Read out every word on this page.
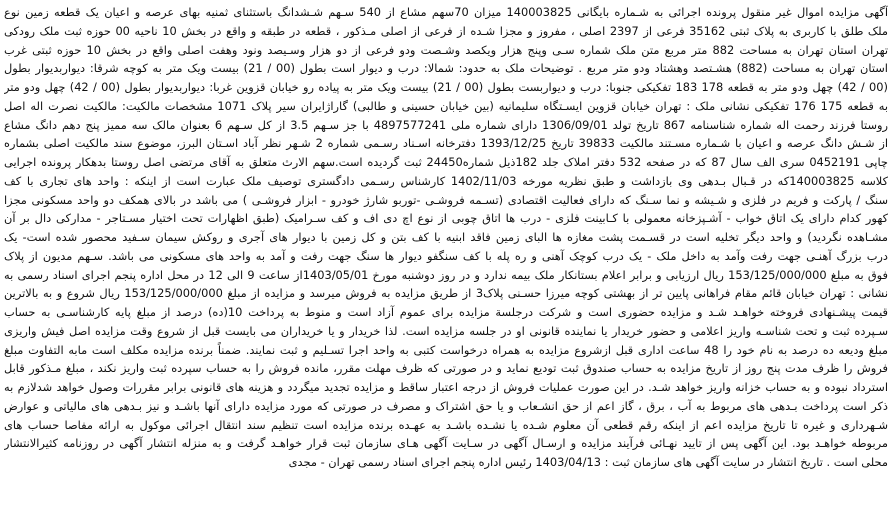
آگهی مزایده اموال غیر منقول پرونده اجرائی به شـماره بایگانی 140003825 میزان 70سهم مشاع از 540 سـهم شـشدانگ باستثنای ثمنیه بهای عرصه و اعیان یک قطعه زمین نوع
ملک طلق با کاربری به پلاک ثبتی 35162 فرعی از 2397 اصلی ، مفروز و مجزا شـده از فرعی از اصلی مـذکور ، قطعه در طبقه و واقع در بخش 10 ناحیه 00 حوزه ثبت ملک رودکی
تهران استان تهران به مساحت 882 متر مربع متن ملک شماره سـی وپنج هزار ویکصد وشـصت ودو فرعی از دو هزار وسـیصد ونود وهفت اصلی واقع در بخش 10 حوزه ثبتی غرب
استان تهران به مساحت (882) هشـتصد وهشتاد ودو متر مربع . توضیحات ملک به حدود: شمالا: درب و دیوار است بطول (00 / 21) بیست ویک متر به کوچه شرقا: دیواربدیوار بطول
(00 / 42) چهل ودو متر به قطعه 178 183 تفکیکی جنوبا: درب و دیواربست بطول (00 / 21) بیست ویک متر به پیاده رو خیابان قزوین غربا: دیواربدیوار بطول (00 / 42) چهل ودو متر
به قطعه 175 176 تفکیکی نشانی ملک : تهران خیابان قزوین ایسـتگاه سلیمانیه (بین خیابان حسینی و طالبی) گاراژایران سیر پلاک 1071 مشخصات مالکیت: مالکیت نصرت اله اصل
روستا فرزند رحمت اله شماره شناسنامه 867 تاریخ تولد 1306/09/01 دارای شماره ملی 4897577241 با جز سـهم 3.5 از کل سـهم 6 بعنوان مالک سه ممیز پنج دهم دانگ مشاع
از شـش دانگ عرصه و اعیان با شـماره مسـتند مالکیت 39833 تاریخ 1393/12/25 دفترخانه اسـناد رسـمی شماره 2 شـهر نظر آباد اسـتان البرز، موضوع سند مالکیت اصلی بشماره
چاپی 0452191 سری الف سال 87 که در صفحه 532 دفتر املاک جلد 182ذیل شماره24450 ثبت گردیده است.سهم الارث متعلق به آقای مرتضی اصل روستا بدهکار پرونده اجرایی
کلاسه 140003825که در قـبال بـدهی وی بازداشت و طبق نظریه مورخه 1402/11/03 کارشناس رسـمی دادگستری توصیف ملک عبارت است از اینکه : واحد های تجاری با کف
سنگ / پارکت و فریم در فلزی و شـیشه و نما سـنگ که دارای فعالیت اقتصادی (تسـمه فروشـی -توربو شارژ خودرو - ابزار فروشـی ) می باشد در بالای همکف دو واحد مسکونی مجزا
کهور کدام دارای یک اتاق خواب - آشـپزخانه معمولی با کـابینت فلزی - درب ها اتاق چوبی از نوع اچ دی اف و کف سـرامیک (طبق اظهارات تحت اختیار مسـتاجر - مدارکی دال بر آن
مشـاهده نگردید) و واحد دیگر تخلیه است در قسـمت پشت مغازه ها الباى زمین فاقد ابنیه با کف بتن و کل زمین با دیوار های آجری و روکش سیمان سـفید محصور شده است- یک
درب بزرگ آهنـی جهت رفت وآمد به داخل ملک - یک درب کوچک آهنی و ره پله با کف سنگفو دیوار ها سنگ جهت رفت و آمد به واحد های مسکونی می باشد. سـهم مدیون از پلاک
فوق به مبلغ 153/125/000/000 ریال ارزیابی و برابر اعلام بستانکار ملک بیمه ندارد و در روز دوشنبه مورخ 1403/05/01از ساعت 9 الی 12 در محل اداره پنجم اجرای اسناد رسمی به
نشانی : تهران خیابان قائم مقام فراهانی پایین تر از بهشتی کوچه میرزا حسـنی پلاک3 از طریق مزایده به فروش میرسد و مزایده از مبلغ 153/125/000/000 ریال شروع و به بالاترین
قیمت پیشـنهادی فروخته خواهـد شـد و مزایده حضوری است و شرکت درجلسة مزایده برای عموم آزاد است و منوط به پرداخت 10(ده) درصد از مبلغ پایه کارشناسـی به حساب
سـپرده ثبت و تحت شناسـه واریز اعلامی و حضور خریدار یا نماینده قانونی او در جلسه مزایده است. لذا خریدار و یا خریداران می بایست قبل از شروع وقت مزایده اصل فیش واریزی
مبلغ ودیعه ده درصد به نام خود را 48 ساعت اداری قبل ازشروع مزایده به همراه درخواست کتبی به واحد اجرا تسـلیم و ثبت نمایند. ضمناً برنده مزایده مکلف است مابه التفاوت مبلغ
فروش را ظرف مدت پنج روز از تاریخ مزایده به حساب صندوق ثبت تودیع نماید و در صورتی که ظرف مهلت مقرر، مانده فروش را به حساب سپرده ثبت واریز نکند ، مبلغ مـذکور قابل
استرداد نبوده و به حساب خزانه واریز خواهد شـد. در این صورت عملیات فروش از درجه اعتبار ساقط و مزایده تجدید میگردد و هزینه های قانونی برابر مقررات وصول خواهد شدلازم به
ذکر است پرداخت بـدهی های مربوط به آب ، برق ، گاز اعم از حق انشـعاب و یا حق اشتراک و مصرف در صورتی که مورد مزایده دارای آنها باشـد و نیز بـدهی های مالیاتی و عوارض
شـهرداری و غیره تا تاریخ مزایده اعم از اینکه رقم قطعی آن معلوم شـده یا نشـده باشـد به عهـده برنده مزایده است تنظیم سند انتقال اجرائی موکول به ارائه مفاصا حساب های
مربوطه خواهـد بود. این آگهی پس از تایید نهـائی فرآیند مزایده و ارسـال آگهی در سـایت آگهی هـای سازمان ثبت قرار خواهـد گرفت و به منزله انتشار آگهی در روزنامه کثیرالانتشار
محلی است . تاریخ انتشار در سایت آگهی های سازمان ثبت : 1403/04/13 رئیس اداره پنجم اجرای اسناد رسمی تهران - مجدی
